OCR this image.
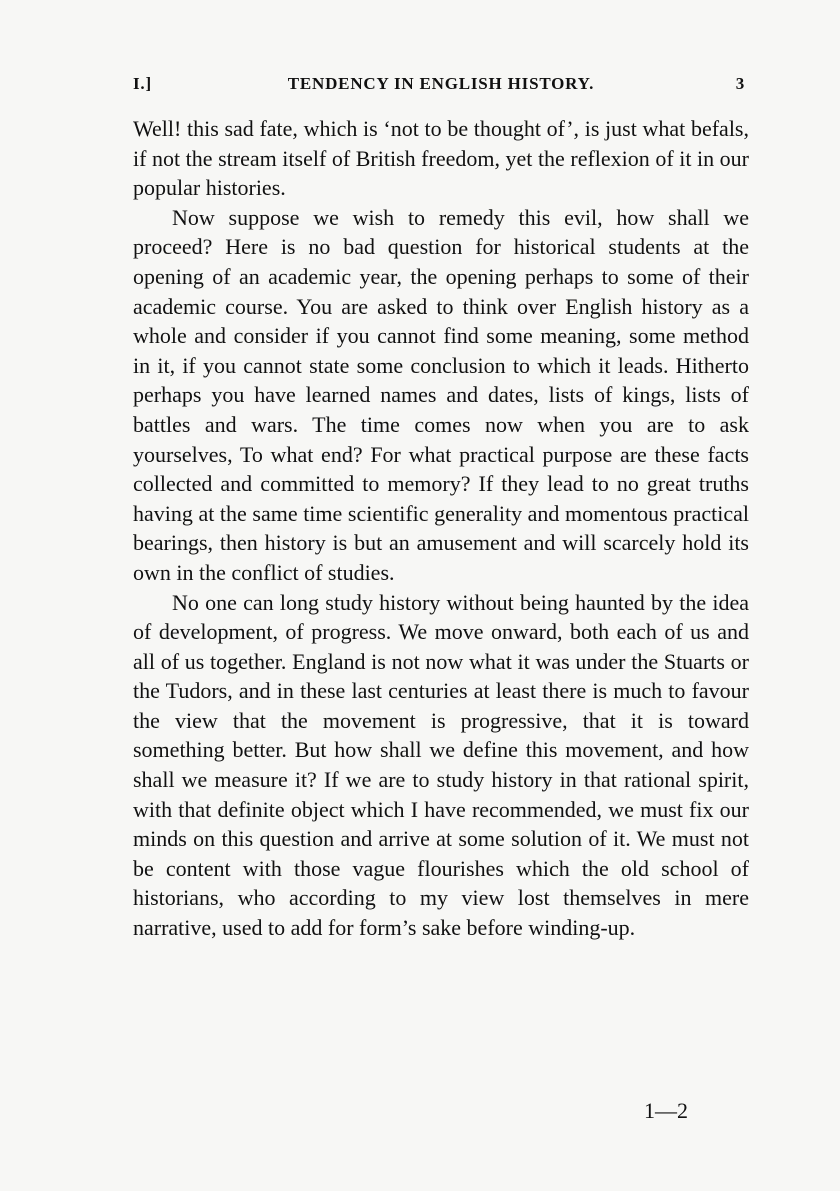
I.]	TENDENCY IN ENGLISH HISTORY.	3

Well! this sad fate, which is ‘not to be thought of’, is just what befals, if not the stream itself of British freedom, yet the reflexion of it in our popular histories.

Now suppose we wish to remedy this evil, how shall we proceed? Here is no bad question for historical students at the opening of an academic year, the opening perhaps to some of their academic course. You are asked to think over English history as a whole and consider if you cannot find some meaning, some method in it, if you cannot state some conclusion to which it leads. Hitherto perhaps you have learned names and dates, lists of kings, lists of battles and wars. The time comes now when you are to ask yourselves, To what end? For what practical purpose are these facts collected and committed to memory? If they lead to no great truths having at the same time scientific generality and momentous practical bearings, then history is but an amusement and will scarcely hold its own in the conflict of studies.

No one can long study history without being haunted by the idea of development, of progress. We move onward, both each of us and all of us together. England is not now what it was under the Stuarts or the Tudors, and in these last centuries at least there is much to favour the view that the movement is progressive, that it is toward something better. But how shall we define this movement, and how shall we measure it? If we are to study history in that rational spirit, with that definite object which I have recommended, we must fix our minds on this question and arrive at some solution of it. We must not be content with those vague flourishes which the old school of historians, who according to my view lost themselves in mere narrative, used to add for form’s sake before winding-up.

1—2
